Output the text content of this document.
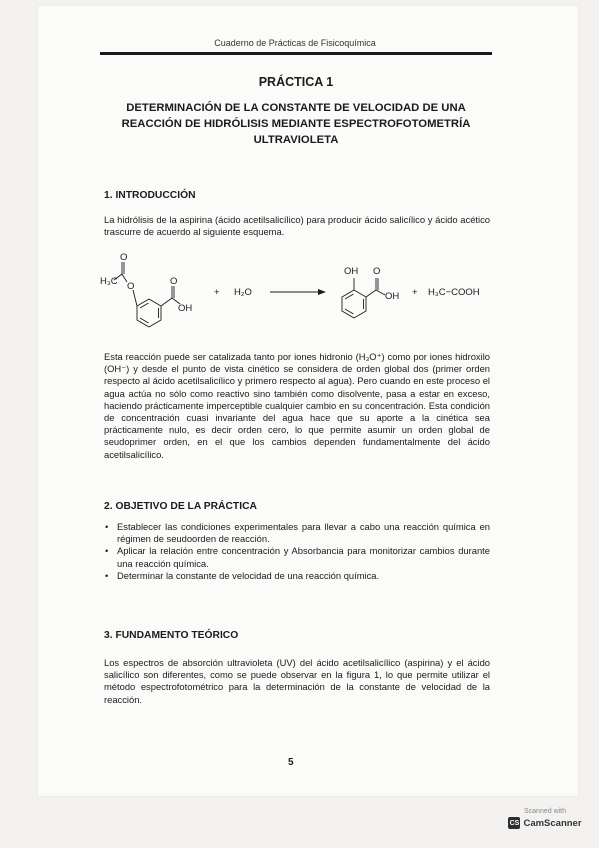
Cuaderno de Prácticas de Fisicoquímica
PRÁCTICA 1
DETERMINACIÓN DE LA CONSTANTE DE VELOCIDAD DE UNA
REACCIÓN DE HIDRÓLISIS MEDIANTE ESPECTROFOTOMETRÍA
ULTRAVIOLETA
1. INTRODUCCIÓN

La hidrólisis de la aspirina (ácido acetilsalicílico) para producir ácido salicílico y ácido acético trascurre de acuerdo al siguiente esquema.

H₃C
O
O	O
OH
+ H₂O
OH O
OH + H₃C−COOH

Esta reacción puede ser catalizada tanto por iones hidronio (H₃O⁺) como por iones hidroxilo (OH⁻) y desde el punto de vista cinético se considera de orden global dos (primer orden respecto al ácido acetilsalicílico y primero respecto al agua). Pero cuando en este proceso el agua actúa no sólo como reactivo sino también como disolvente, pasa a estar en exceso, haciendo prácticamente imperceptible cualquier cambio en su concentración. Esta condición de concentración cuasi invariante del agua hace que su aporte a la cinética sea prácticamente nulo, es decir orden cero, lo que permite asumir un orden global de seudoprimer orden, en el que los cambios dependen fundamentalmente del ácido acetilsalicílico.

2. OBJETIVO DE LA PRÁCTICA
• Establecer las condiciones experimentales para llevar a cabo una reacción química en régimen de seudoorden de reacción.
• Aplicar la relación entre concentración y Absorbancia para monitorizar cambios durante una reacción química.
• Determinar la constante de velocidad de una reacción química.
3. FUNDAMENTO TEÓRICO

Los espectros de absorción ultravioleta (UV) del ácido acetilsalicílico (aspirina) y el ácido salicílico son diferentes, como se puede observar en la figura 1, lo que permite utilizar el método espectrofotométrico para la determinación de la constante de velocidad de la reacción.

5
Scanned with
CS CamScanner
